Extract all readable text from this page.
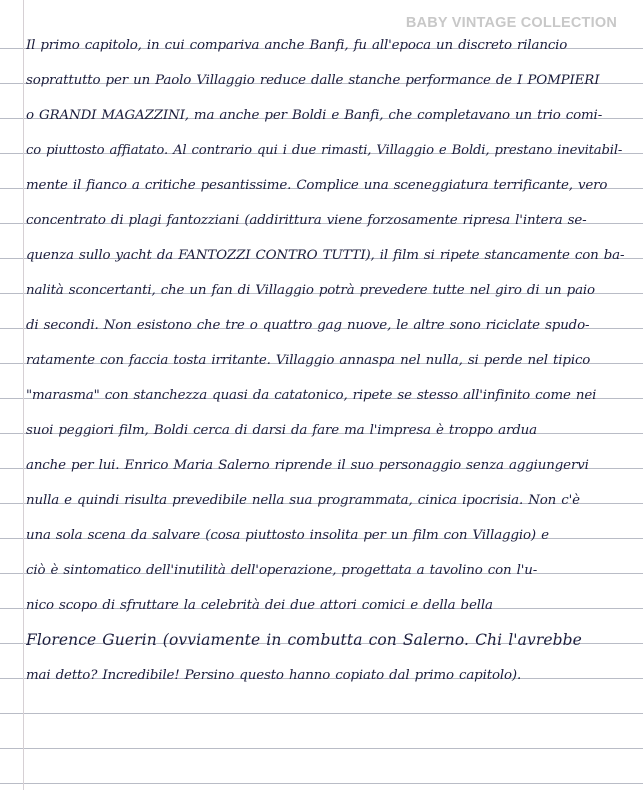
BABY VINTAGE COLLECTION
Il primo capitolo, in cui compariva anche Banfi, fu all'epoca un discreto rilancio
soprattutto per un Paolo Villaggio reduce dalle stanche performance de I POMPIERI
o GRANDI MAGAZZINI, ma anche per Boldi e Banfi, che completavano un trio comi-
co piuttosto affiatato. Al contrario qui i due rimasti, Villaggio e Boldi, prestano inevitabil-
mente il fianco a critiche pesantissime. Complice una sceneggiatura terrificante, vero
concentrato di plagi fantozziani (addirittura viene forzosamente ripresa l'intera se-
quenza sullo yacht da FANTOZZI CONTRO TUTTI), il film si ripete stancamente con ba-
nalità sconcertanti, che un fan di Villaggio potrà prevedere tutte nel giro di un paio
di secondi. Non esistono che tre o quattro gag nuove, le altre sono riciclate spudo-
ratamente con faccia tosta irritante. Villaggio annaspa nel nulla, si perde nel tipico
"marasma" con stanchezza quasi da catatonico, ripete se stesso all'infinito come nei
suoi peggiori film, Boldi cerca di darsi da fare ma l'impresa è troppo ardua
anche per lui. Enrico Maria Salerno riprende il suo personaggio senza aggiungervi
nulla e quindi risulta prevedibile nella sua programmata, cinica ipocrisia. Non c'è
una sola scena da salvare (cosa piuttosto insolita per un film con Villaggio) e
ciò è sintomatico dell'inutilità dell'operazione, progettata a tavolino con l'u-
nico scopo di sfruttare la celebrità dei due attori comici e della bella
Florence Guerin (ovviamente in combutta con Salerno. Chi l'avrebbe
mai detto? Incredibile! Persino questo hanno copiato dal primo capitolo).
